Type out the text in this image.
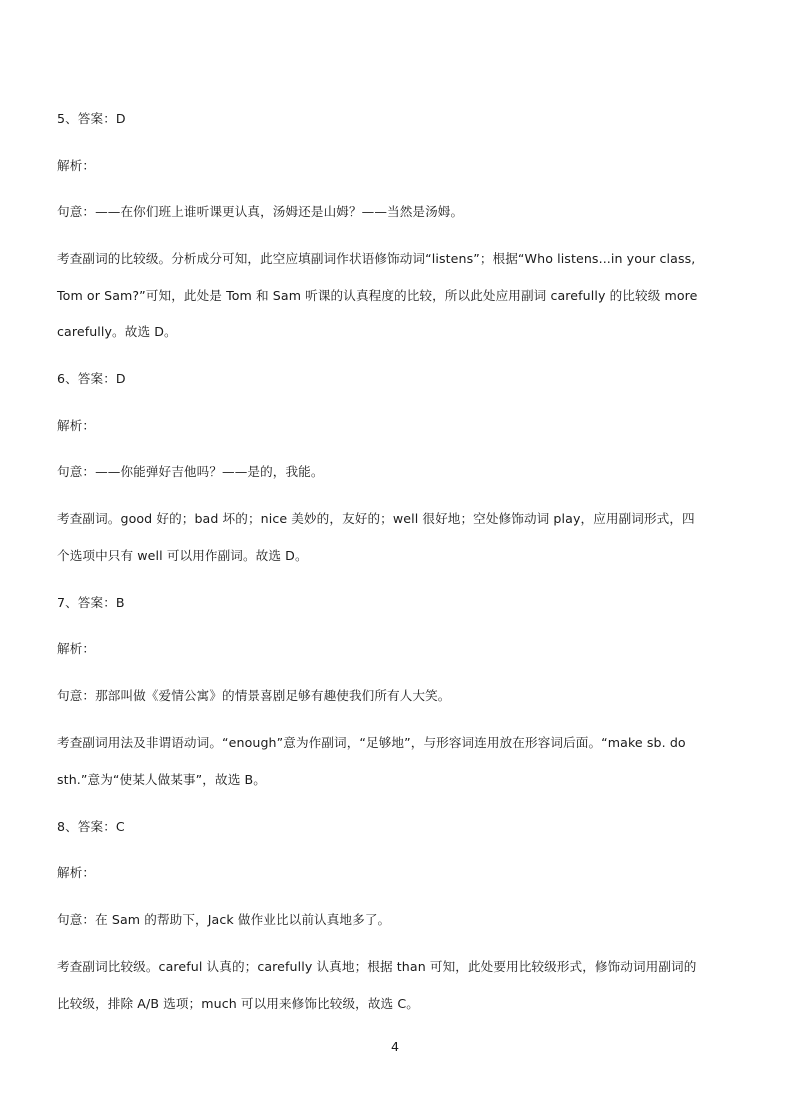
5、答案：D
解析：
句意：——在你们班上谁听课更认真，汤姆还是山姆？——当然是汤姆。
考查副词的比较级。分析成分可知，此空应填副词作状语修饰动词“listens”；根据“Who listens...in your class,
Tom or Sam?”可知，此处是 Tom 和 Sam 听课的认真程度的比较，所以此处应用副词 carefully 的比较级 more
carefully。故选 D。
6、答案：D
解析：
句意：——你能弹好吉他吗？——是的，我能。
考查副词。good 好的；bad 坏的；nice 美妙的，友好的；well 很好地；空处修饰动词 play，应用副词形式，四
个选项中只有 well 可以用作副词。故选 D。
7、答案：B
解析：
句意：那部叫做《爱情公寓》的情景喜剧足够有趣使我们所有人大笑。
考查副词用法及非谓语动词。“enough”意为作副词，“足够地”，与形容词连用放在形容词后面。“make sb. do
sth.”意为“使某人做某事”，故选 B。
8、答案：C
解析：
句意：在 Sam 的帮助下，Jack 做作业比以前认真地多了。
考查副词比较级。careful 认真的；carefully 认真地；根据 than 可知，此处要用比较级形式，修饰动词用副词的
比较级，排除 A/B 选项；much 可以用来修饰比较级，故选 C。
4
